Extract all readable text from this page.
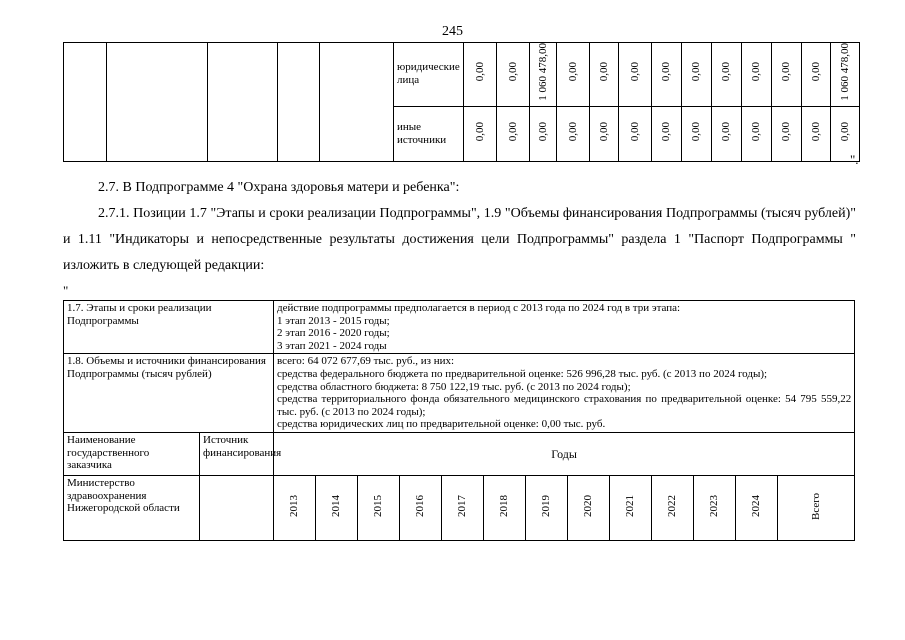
245
					юридические лица	0,00	0,00	1 060 478,00	0,00	0,00	0,00	0,00	0,00	0,00	0,00	0,00	0,00	1 060 478,00
					иные источники	0,00	0,00	0,00	0,00	0,00	0,00	0,00	0,00	0,00	0,00	0,00	0,00	0,00
".
2.7. В Подпрограмме 4 "Охрана здоровья матери и ребенка":
2.7.1. Позиции 1.7 "Этапы и сроки реализации Подпрограммы", 1.9 "Объемы финансирования Подпрограммы (тысяч рублей)" и 1.11 "Индикаторы и непосредственные результаты достижения цели Подпрограммы" раздела 1 "Паспорт Подпрограммы " изложить в следующей редакции:
"
1.7. Этапы и сроки реализации Подпрограммы		действие подпрограммы предполагается в период с 2013 года по 2024 год в три этапа:
1 этап 2013 - 2015 годы;
2 этап 2016 - 2020 годы;
3 этап 2021 - 2024 годы												

1.8. Объемы и источники финансирования Подпрограммы (тысяч рублей)		всего: 64 072 677,69 тыс. руб., из них:
средства федерального бюджета по предварительной оценке: 526 996,28 тыс. руб. (с 2013 по 2024 годы);
средства областного бюджета: 8 750 122,19 тыс. руб. (с 2013 по 2024 годы);
средства территориального фонда обязательного медицинского страхования по предварительной оценке: 54 795 559,22 тыс. руб. (с 2013 по 2024 годы);
средства юридических лиц по предварительной оценке: 0,00 тыс. руб.												

Наименование государственного заказчика	Источник финансирования	Годы												
Министерство здравоохранения Нижегородской области		2013	2014	2015	2016	2017	2018	2019	2020	2021	2022	2023	2024	Всего
